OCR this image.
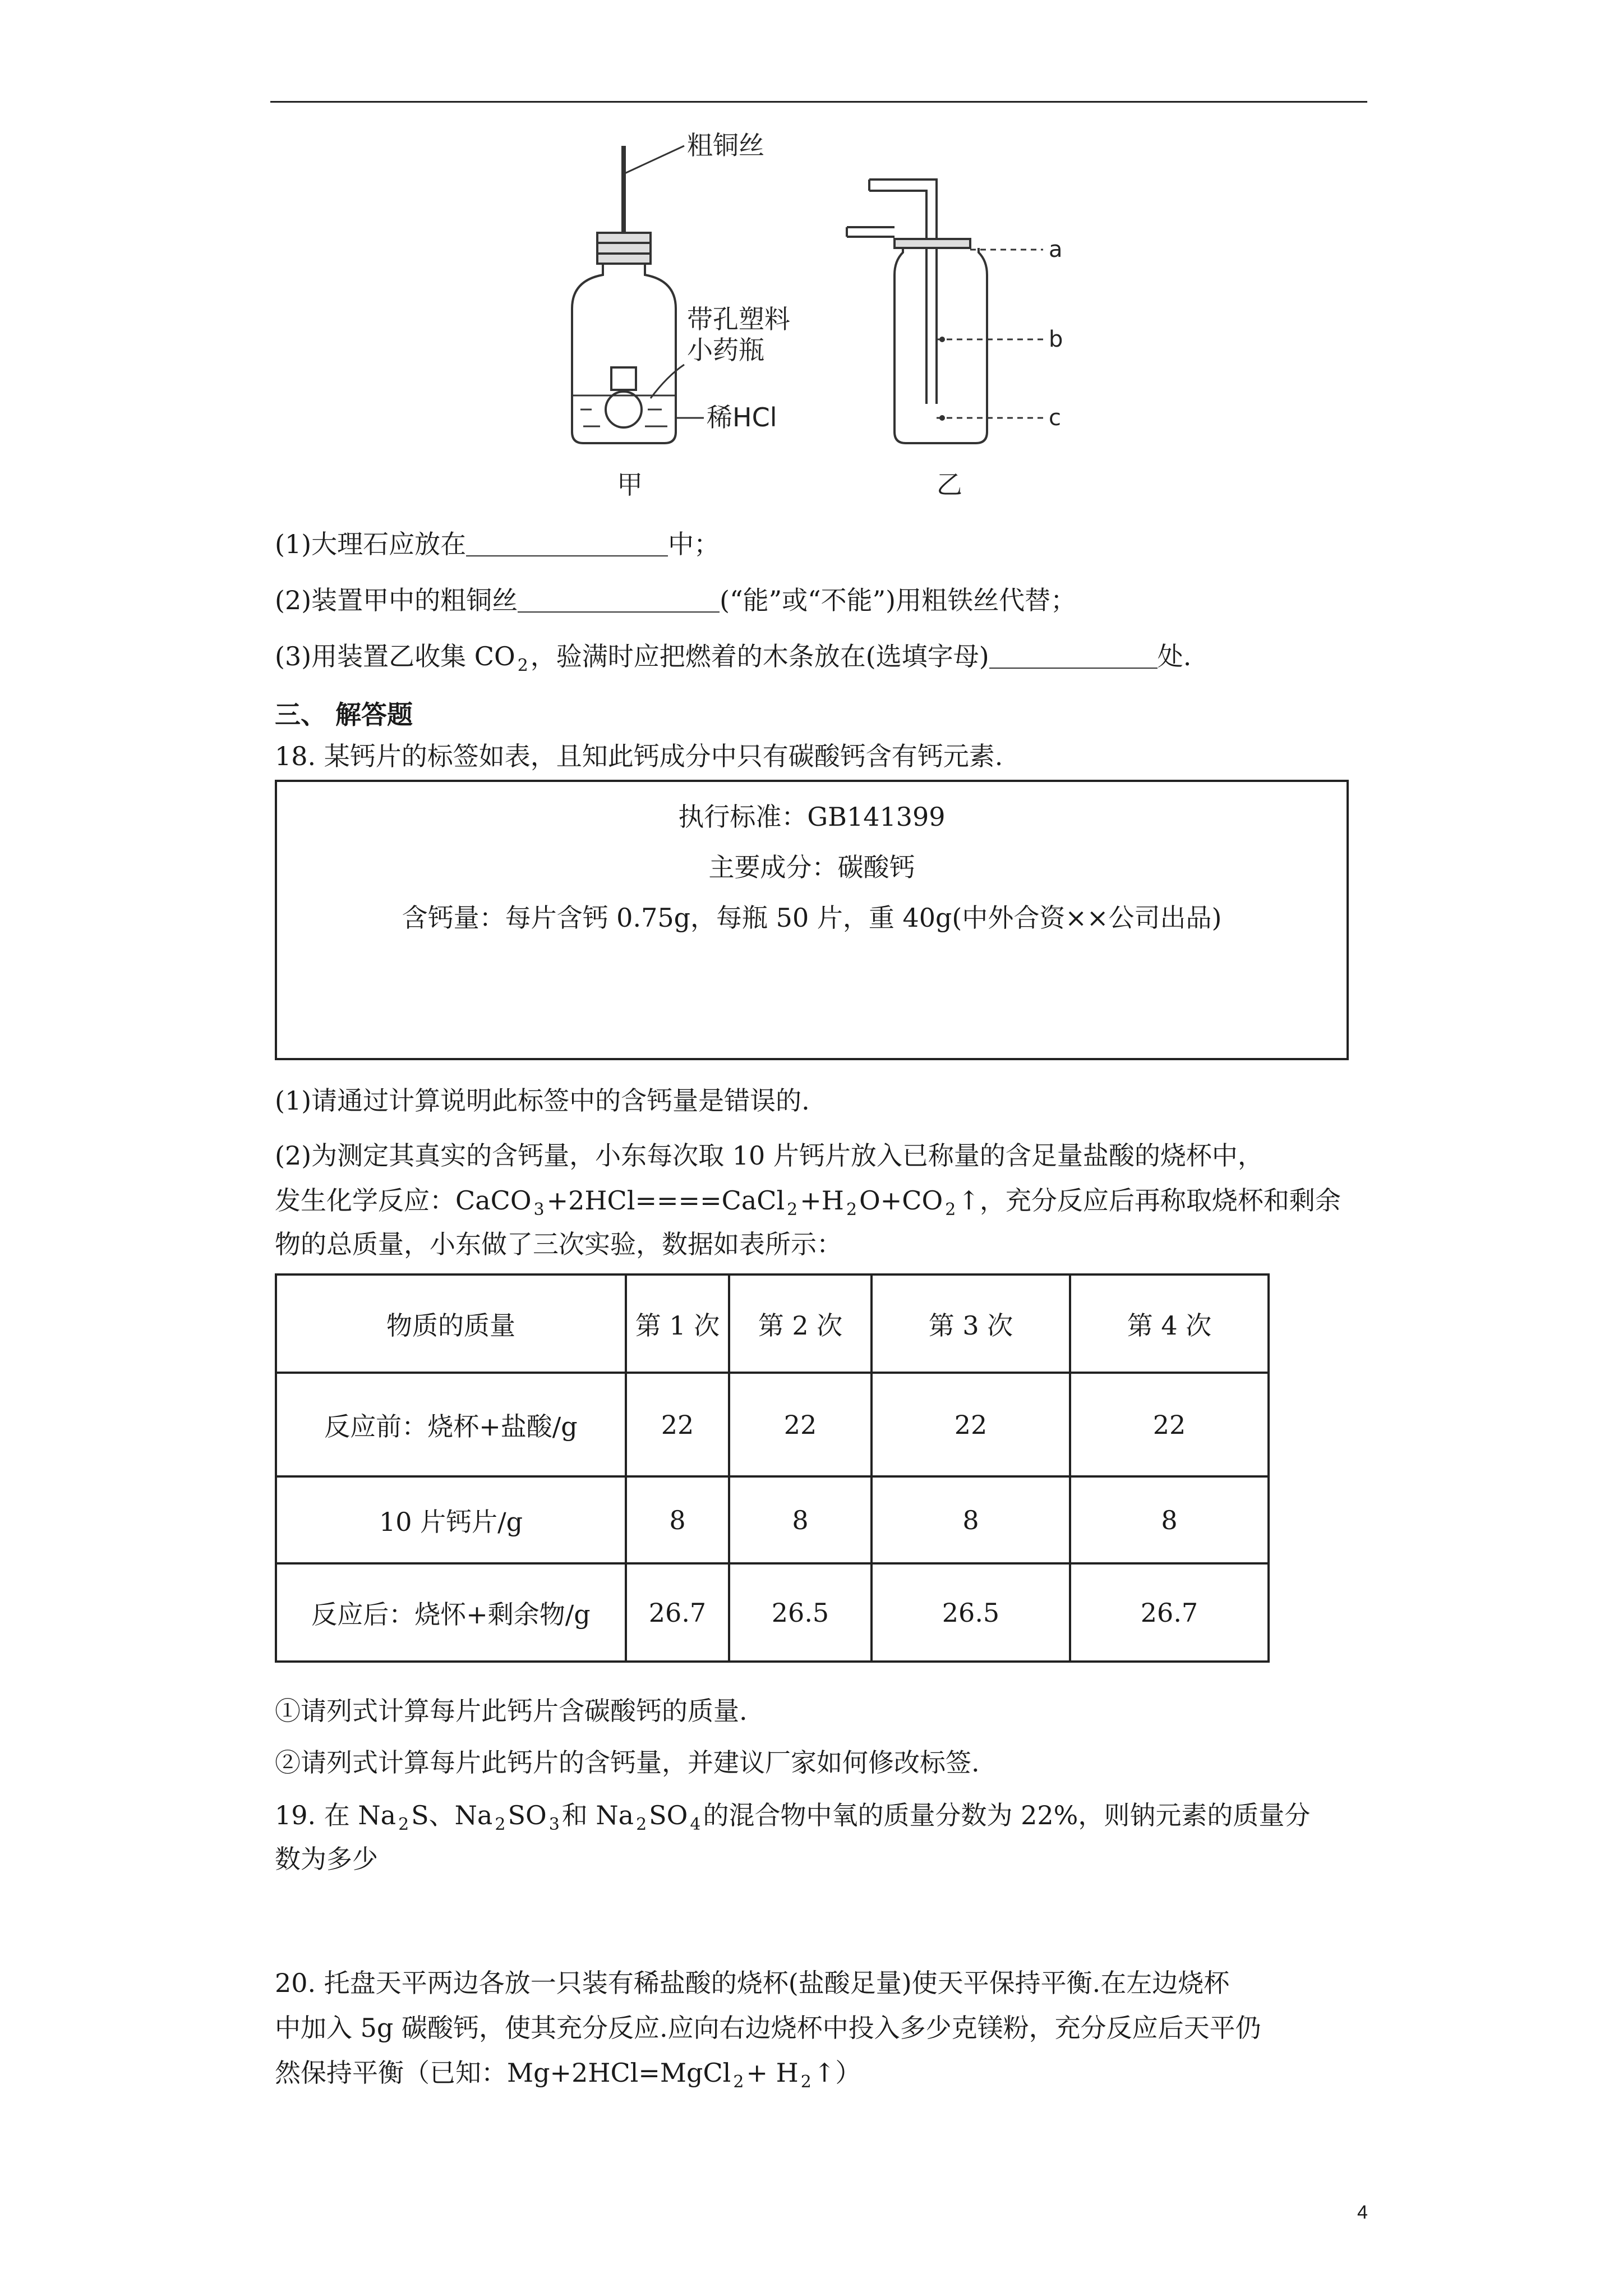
粗铜丝
带孔塑料
小药瓶
稀HCl
甲
a
b
c
乙
(1)大理石应放在	中；
(2)装置甲中的粗铜丝	(“能”或“不能”)用粗铁丝代替；
(3)用装置乙收集 CO $_2$，验满时应把燃着的木条放在(选填字母)	处.
三、 解答题
18. 某钙片的标签如表，且知此钙成分中只有碳酸钙含有钙元素.
执行标准：GB141399
主要成分：碳酸钙
含钙量：每片含钙 0.75g，每瓶 50 片，重 40g(中外合资××公司出品)
(1)请通过计算说明此标签中的含钙量是错误的.
(2)为测定其真实的含钙量，小东每次取 10 片钙片放入已称量的含足量盐酸的烧杯中，
发生化学反应：CaCO $_3$+2HCl====CaCl $_2$+H $_2$O+CO $_2$↑，充分反应后再称取烧杯和剩余
物的总质量，小东做了三次实验，数据如表所示：
物质的质量	第 1 次	第 2 次	第 3 次	第 4 次
反应前：烧杯+盐酸/g	22	22	22	22
10 片钙片/g	8	8	8	8
反应后：烧怀+剩余物/g	26.7	26.5	26.5	26.7
①请列式计算每片此钙片含碳酸钙的质量.
②请列式计算每片此钙片的含钙量，并建议厂家如何修改标签.
19. 在 Na $_2$S、Na $_2$SO $_3$和 Na $_2$SO $_4$的混合物中氧的质量分数为 22%，则钠元素的质量分
数为多少
20. 托盘天平两边各放一只装有稀盐酸的烧杯(盐酸足量)使天平保持平衡.在左边烧杯
中加入 5g 碳酸钙，使其充分反应.应向右边烧杯中投入多少克镁粉，充分反应后天平仍
然保持平衡（已知：Mg+2HCl=MgCl $_2$+ H $_2$↑）
4
